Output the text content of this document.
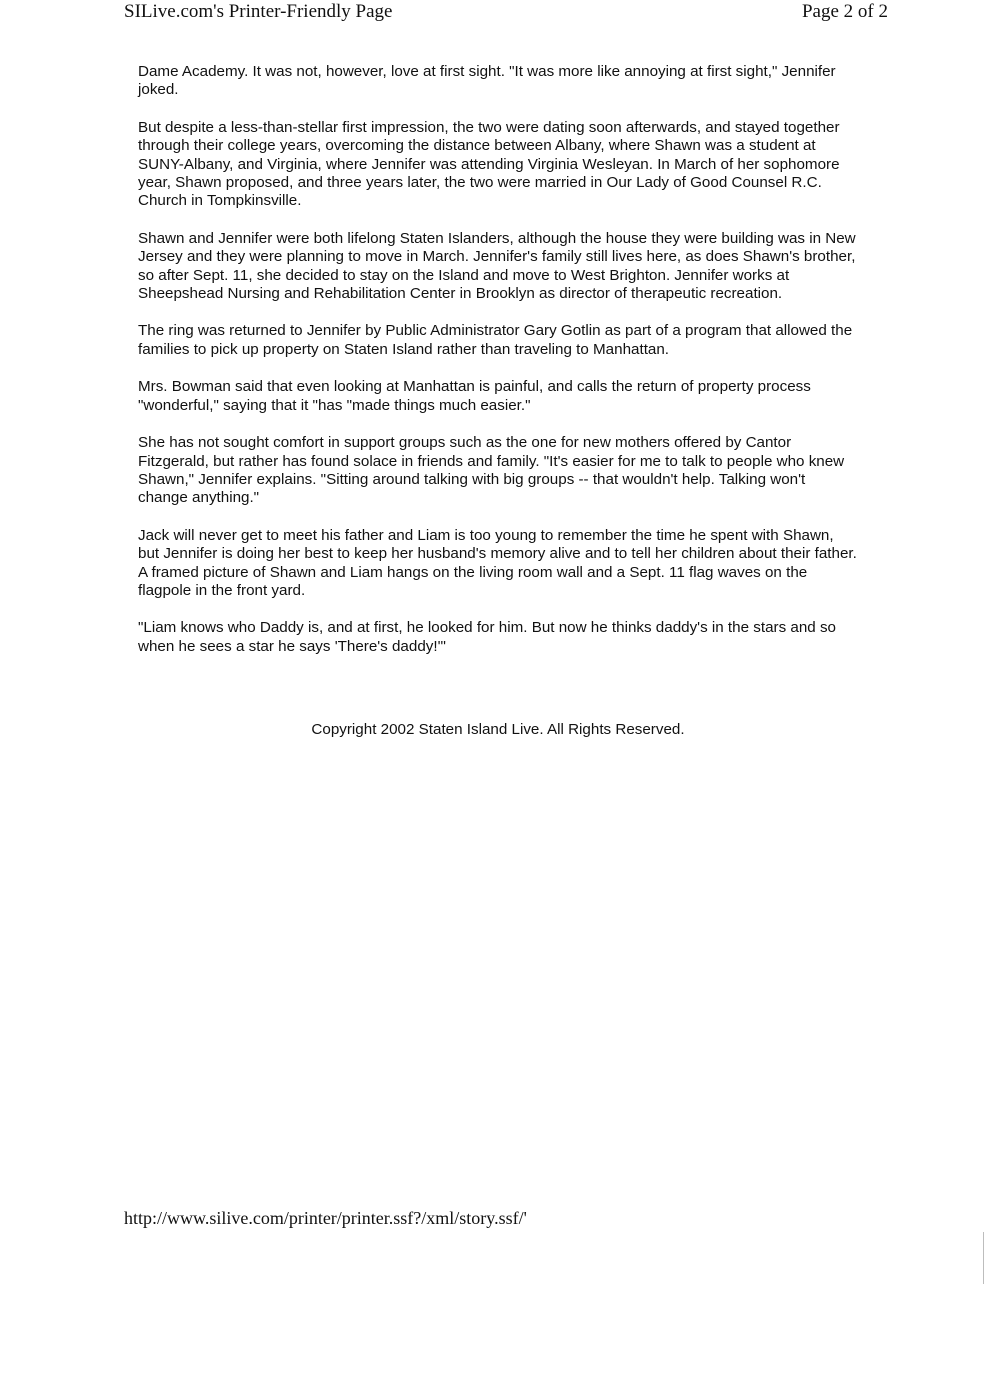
SILive.com's Printer-Friendly Page	Page 2 of 2

Dame Academy. It was not, however, love at first sight. "It was more like annoying at first sight," Jennifer joked.

But despite a less-than-stellar first impression, the two were dating soon afterwards, and stayed together through their college years, overcoming the distance between Albany, where Shawn was a student at SUNY-Albany, and Virginia, where Jennifer was attending Virginia Wesleyan. In March of her sophomore year, Shawn proposed, and three years later, the two were married in Our Lady of Good Counsel R.C. Church in Tompkinsville.

Shawn and Jennifer were both lifelong Staten Islanders, although the house they were building was in New Jersey and they were planning to move in March. Jennifer's family still lives here, as does Shawn's brother, so after Sept. 11, she decided to stay on the Island and move to West Brighton. Jennifer works at Sheepshead Nursing and Rehabilitation Center in Brooklyn as director of therapeutic recreation.

The ring was returned to Jennifer by Public Administrator Gary Gotlin as part of a program that allowed the families to pick up property on Staten Island rather than traveling to Manhattan.

Mrs. Bowman said that even looking at Manhattan is painful, and calls the return of property process "wonderful," saying that it "has "made things much easier."

She has not sought comfort in support groups such as the one for new mothers offered by Cantor Fitzgerald, but rather has found solace in friends and family. "It's easier for me to talk to people who knew Shawn," Jennifer explains. "Sitting around talking with big groups -- that wouldn't help. Talking won't change anything."

Jack will never get to meet his father and Liam is too young to remember the time he spent with Shawn, but Jennifer is doing her best to keep her husband's memory alive and to tell her children about their father. A framed picture of Shawn and Liam hangs on the living room wall and a Sept. 11 flag waves on the flagpole in the front yard.

"Liam knows who Daddy is, and at first, he looked for him. But now he thinks daddy's in the stars and so when he sees a star he says 'There's daddy!'"

Copyright 2002 Staten Island Live. All Rights Reserved.
http://www.silive.com/printer/printer.ssf?/xml/story.ssf/'
